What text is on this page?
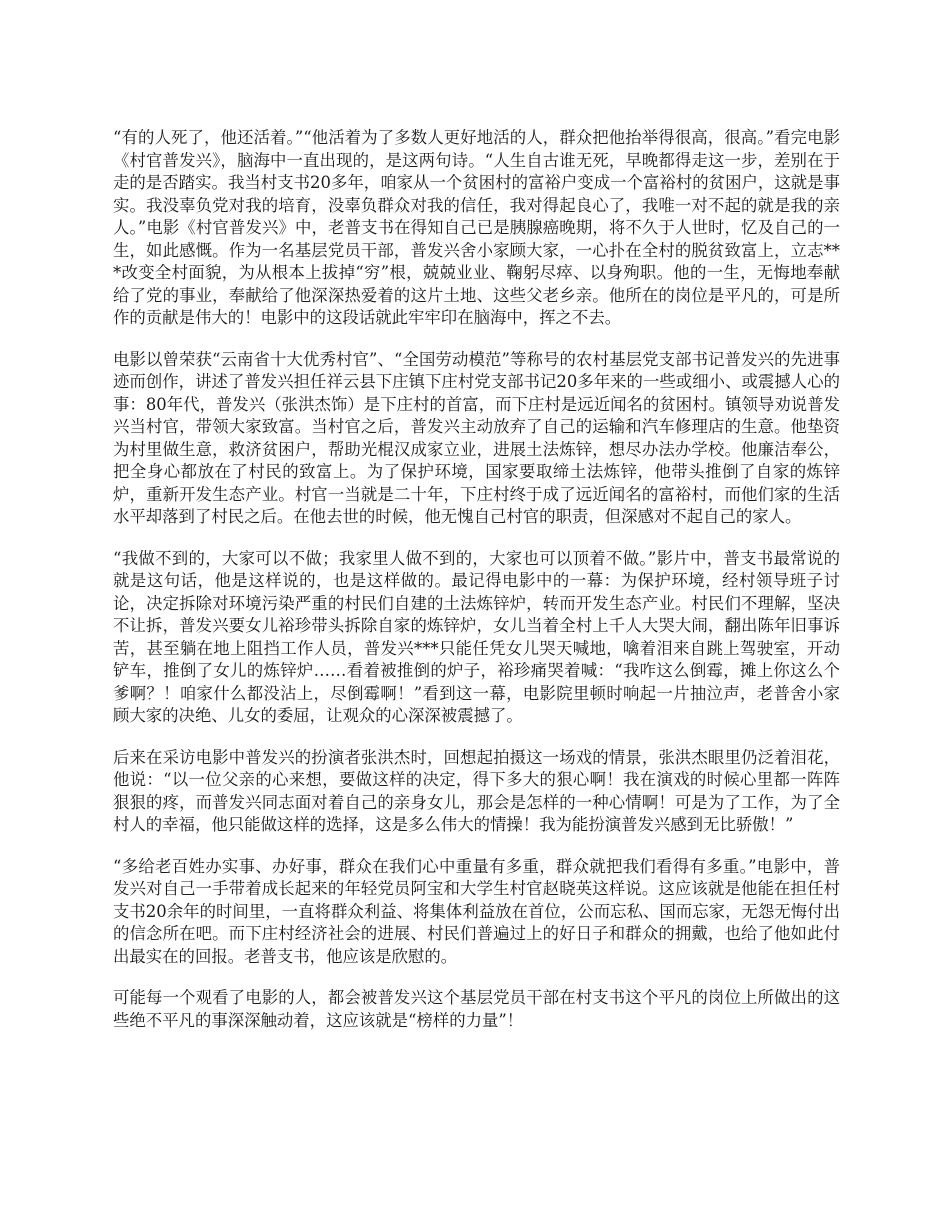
“有的人死了，他还活着。”“他活着为了多数人更好地活的人，群众把他抬举得很高，很高。”看完电影《村官普发兴》，脑海中一直出现的，是这两句诗。“人生自古谁无死，早晚都得走这一步，差别在于走的是否踏实。我当村支书20多年，咱家从一个贫困村的富裕户变成一个富裕村的贫困户，这就是事实。我没辜负党对我的培育，没辜负群众对我的信任，我对得起良心了，我唯一对不起的就是我的亲人。”电影《村官普发兴》中，老普支书在得知自己已是胰腺癌晚期，将不久于人世时，忆及自己的一生，如此感慨。作为一名基层党员干部，普发兴舍小家顾大家，一心扑在全村的脱贫致富上，立志***改变全村面貌，为从根本上拔掉“穷”根，兢兢业业、鞠躬尽瘁、以身殉职。他的一生，无悔地奉献给了党的事业，奉献给了他深深热爱着的这片土地、这些父老乡亲。他所在的岗位是平凡的，可是所作的贡献是伟大的！电影中的这段话就此牢牢印在脑海中，挥之不去。

电影以曾荣获“云南省十大优秀村官”、“全国劳动模范”等称号的农村基层党支部书记普发兴的先进事迹而创作，讲述了普发兴担任祥云县下庄镇下庄村党支部书记20多年来的一些或细小、或震撼人心的事：80年代，普发兴（张洪杰饰）是下庄村的首富，而下庄村是远近闻名的贫困村。镇领导劝说普发兴当村官，带领大家致富。当村官之后，普发兴主动放弃了自己的运输和汽车修理店的生意。他垫资为村里做生意，救济贫困户，帮助光棍汉成家立业，进展土法炼锌，想尽办法办学校。他廉洁奉公，把全身心都放在了村民的致富上。为了保护环境，国家要取缔土法炼锌，他带头推倒了自家的炼锌炉，重新开发生态产业。村官一当就是二十年，下庄村终于成了远近闻名的富裕村，而他们家的生活水平却落到了村民之后。在他去世的时候，他无愧自己村官的职责，但深感对不起自己的家人。

“我做不到的，大家可以不做；我家里人做不到的，大家也可以顶着不做。”影片中，普支书最常说的就是这句话，他是这样说的，也是这样做的。最记得电影中的一幕：为保护环境，经村领导班子讨论，决定拆除对环境污染严重的村民们自建的土法炼锌炉，转而开发生态产业。村民们不理解，坚决不让拆，普发兴要女儿裕珍带头拆除自家的炼锌炉，女儿当着全村上千人大哭大闹，翻出陈年旧事诉苦，甚至躺在地上阻挡工作人员，普发兴***只能任凭女儿哭天喊地，噙着泪来自跳上驾驶室，开动铲车，推倒了女儿的炼锌炉……看着被推倒的炉子，裕珍痛哭着喊：“我咋这么倒霉，摊上你这么个爹啊？！咱家什么都没沾上，尽倒霉啊！”看到这一幕，电影院里顿时响起一片抽泣声，老普舍小家顾大家的决绝、儿女的委屈，让观众的心深深被震撼了。

后来在采访电影中普发兴的扮演者张洪杰时，回想起拍摄这一场戏的情景，张洪杰眼里仍泛着泪花，他说：“以一位父亲的心来想，要做这样的决定，得下多大的狠心啊！我在演戏的时候心里都一阵阵狠狠的疼，而普发兴同志面对着自己的亲身女儿，那会是怎样的一种心情啊！可是为了工作，为了全村人的幸福，他只能做这样的选择，这是多么伟大的情操！我为能扮演普发兴感到无比骄傲！”

“多给老百姓办实事、办好事，群众在我们心中重量有多重，群众就把我们看得有多重。”电影中，普发兴对自己一手带着成长起来的年轻党员阿宝和大学生村官赵晓英这样说。这应该就是他能在担任村支书20余年的时间里，一直将群众利益、将集体利益放在首位，公而忘私、国而忘家，无怨无悔付出的信念所在吧。而下庄村经济社会的进展、村民们普遍过上的好日子和群众的拥戴，也给了他如此付出最实在的回报。老普支书，他应该是欣慰的。

可能每一个观看了电影的人，都会被普发兴这个基层党员干部在村支书这个平凡的岗位上所做出的这些绝不平凡的事深深触动着，这应该就是“榜样的力量”！
